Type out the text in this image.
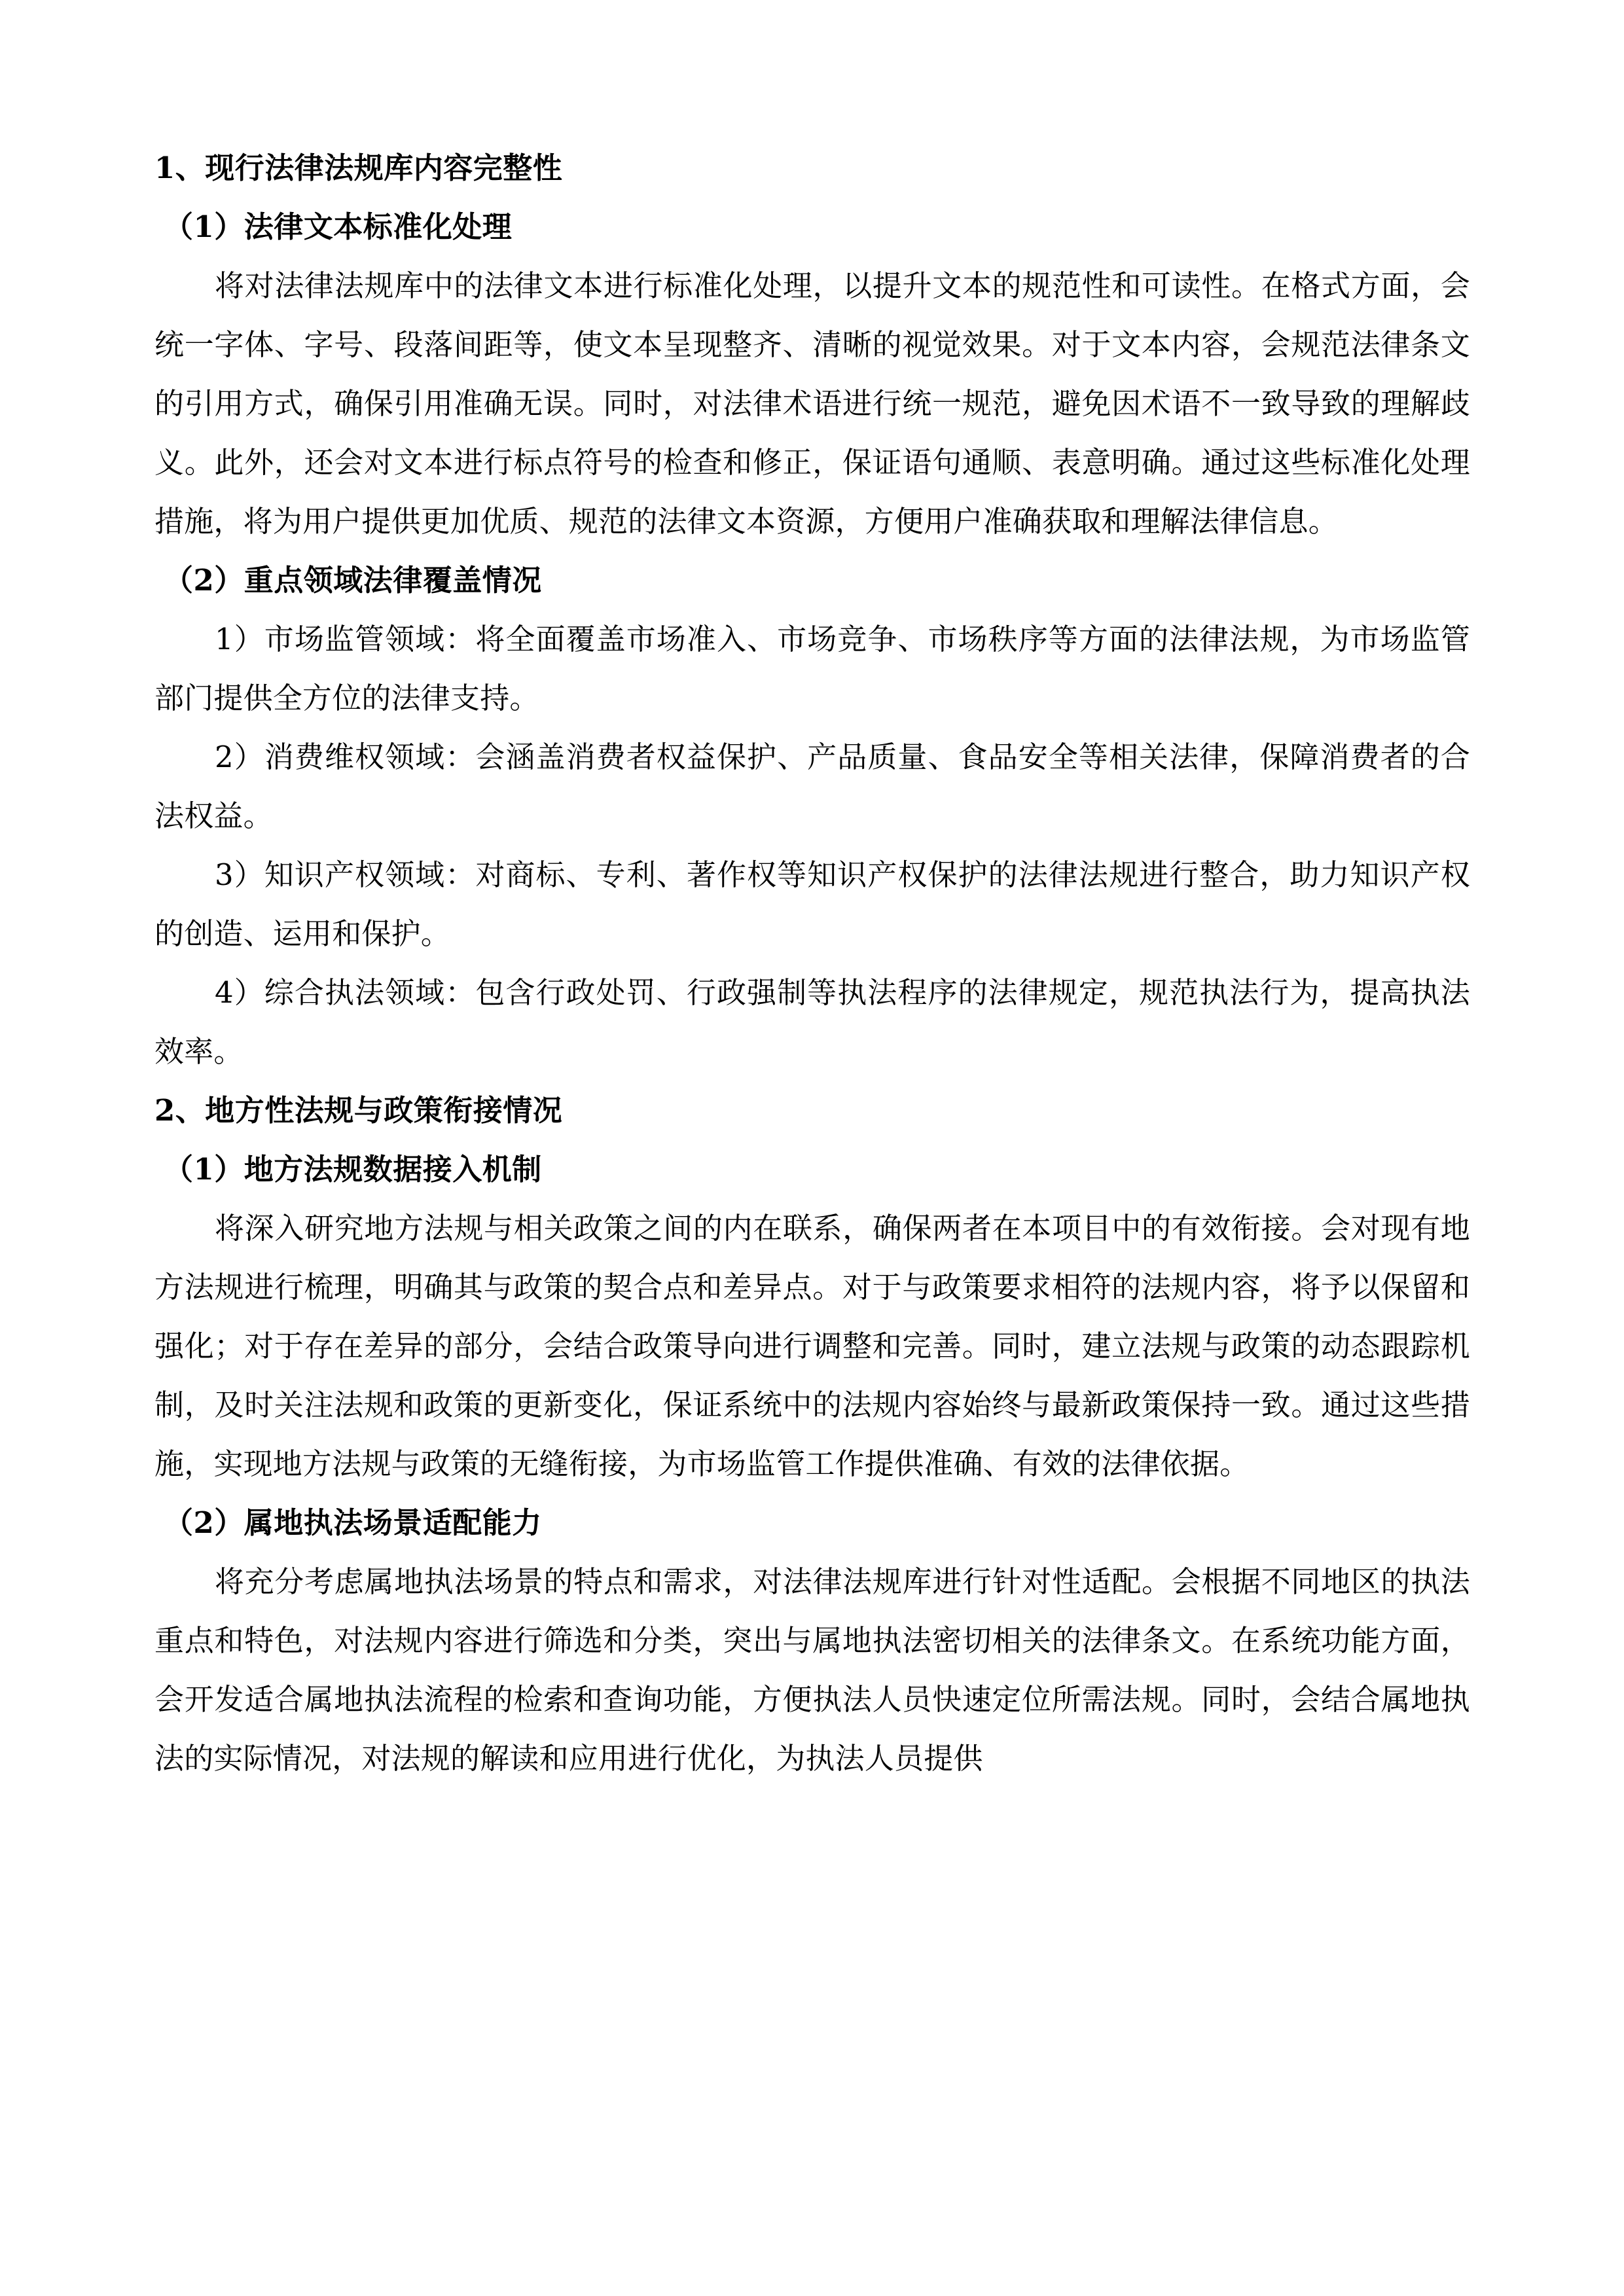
1、现行法律法规库内容完整性

（1）法律文本标准化处理

将对法律法规库中的法律文本进行标准化处理，以提升文本的规范性和可读性。在格式方面，会统一字体、字号、段落间距等，使文本呈现整齐、清晰的视觉效果。对于文本内容，会规范法律条文的引用方式，确保引用准确无误。同时，对法律术语进行统一规范，避免因术语不一致导致的理解歧义。此外，还会对文本进行标点符号的检查和修正，保证语句通顺、表意明确。通过这些标准化处理措施，将为用户提供更加优质、规范的法律文本资源，方便用户准确获取和理解法律信息。

（2）重点领域法律覆盖情况

1）市场监管领域：将全面覆盖市场准入、市场竞争、市场秩序等方面的法律法规，为市场监管部门提供全方位的法律支持。

2）消费维权领域：会涵盖消费者权益保护、产品质量、食品安全等相关法律，保障消费者的合法权益。

3）知识产权领域：对商标、专利、著作权等知识产权保护的法律法规进行整合，助力知识产权的创造、运用和保护。

4）综合执法领域：包含行政处罚、行政强制等执法程序的法律规定，规范执法行为，提高执法效率。

2、地方性法规与政策衔接情况

（1）地方法规数据接入机制

将深入研究地方法规与相关政策之间的内在联系，确保两者在本项目中的有效衔接。会对现有地方法规进行梳理，明确其与政策的契合点和差异点。对于与政策要求相符的法规内容，将予以保留和强化；对于存在差异的部分，会结合政策导向进行调整和完善。同时，建立法规与政策的动态跟踪机制，及时关注法规和政策的更新变化，保证系统中的法规内容始终与最新政策保持一致。通过这些措施，实现地方法规与政策的无缝衔接，为市场监管工作提供准确、有效的法律依据。

（2）属地执法场景适配能力

将充分考虑属地执法场景的特点和需求，对法律法规库进行针对性适配。会根据不同地区的执法重点和特色，对法规内容进行筛选和分类，突出与属地执法密切相关的法律条文。在系统功能方面，会开发适合属地执法流程的检索和查询功能，方便执法人员快速定位所需法规。同时，会结合属地执法的实际情况，对法规的解读和应用进行优化，为执法人员提供
